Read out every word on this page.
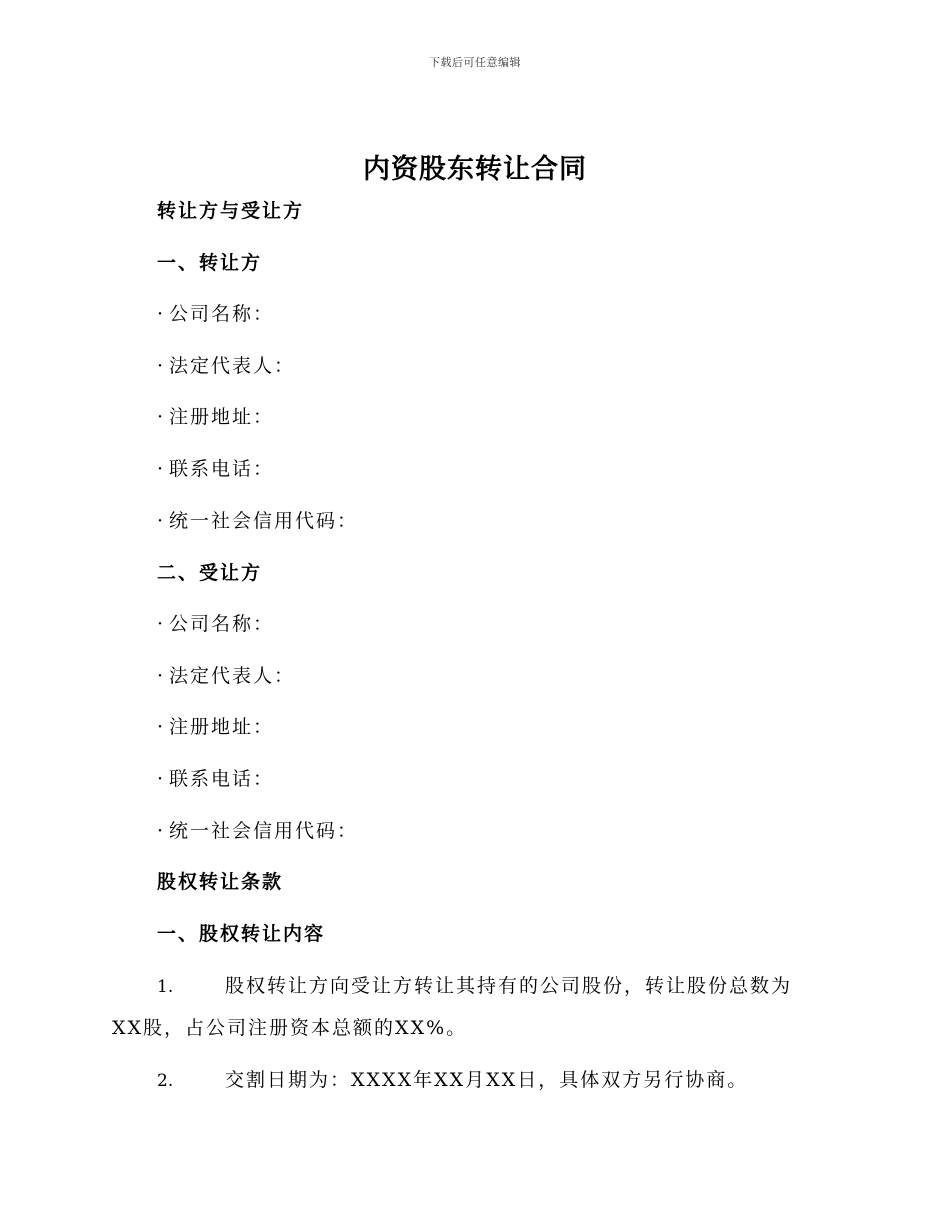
下载后可任意编辑
内资股东转让合同
转让方与受让方
一、转让方
· 公司名称：
· 法定代表人：
· 注册地址：
· 联系电话：
· 统一社会信用代码：
二、受让方
· 公司名称：
· 法定代表人：
· 注册地址：
· 联系电话：
· 统一社会信用代码：
股权转让条款
一、股权转让内容
1.	股权转让方向受让方转让其持有的公司股份，转让股份总数为
XX股，占公司注册资本总额的XX%。
2.	交割日期为：XXXX年XX月XX日，具体双方另行协商。
